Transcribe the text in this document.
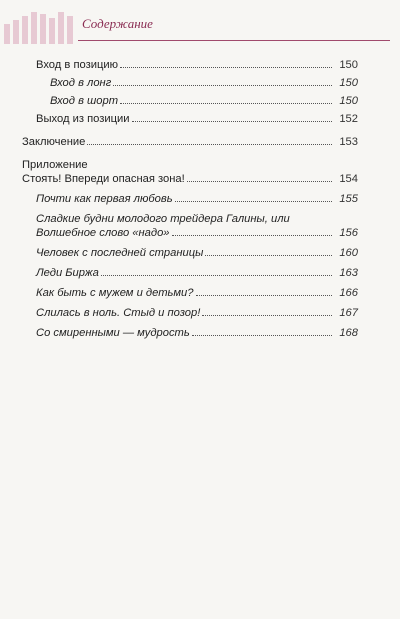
Содержание
Вход в позицию	150
Вход в лонг	150
Вход в шорт	150
Выход из позиции	152
Заключение	153
Приложение
Стоять! Впереди опасная зона!	154
Почти как первая любовь	155
Сладкие будни молодого трейдера Галины, или
Волшебное слово «надо»	156
Человек с последней страницы	160
Леди Биржа	163
Как быть с мужем и детьми?	166
Слилась в ноль. Стыд и позор!	167
Со смиренными — мудрость	168
